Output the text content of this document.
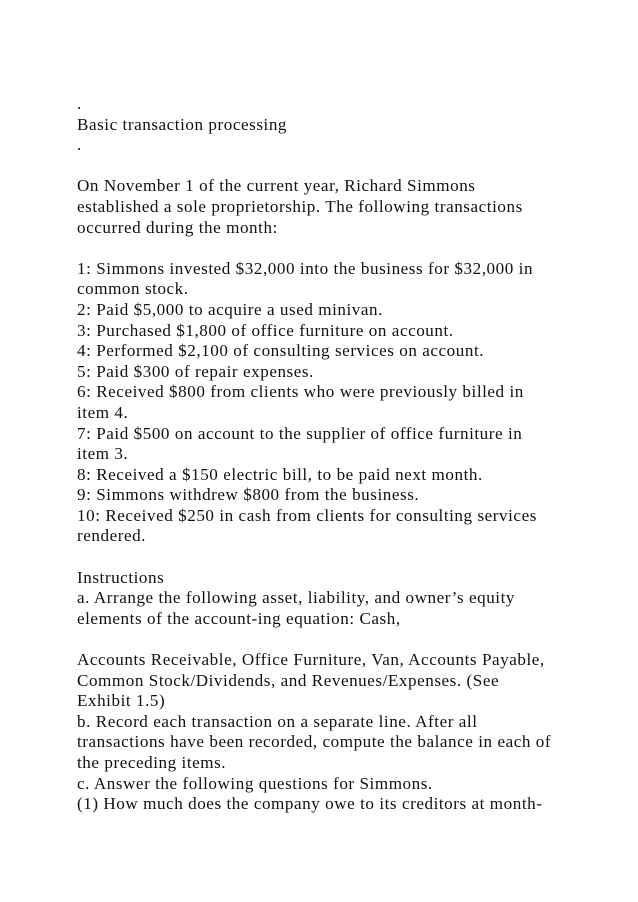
.
Basic transaction processing
.
On November 1 of the current year, Richard Simmons
established a sole proprietorship. The following transactions
occurred during the month:
1: Simmons invested $32,000 into the business for $32,000 in
common stock.
2: Paid $5,000 to acquire a used minivan.
3: Purchased $1,800 of office furniture on account.
4: Performed $2,100 of consulting services on account.
5: Paid $300 of repair expenses.
6: Received $800 from clients who were previously billed in
item 4.
7: Paid $500 on account to the supplier of office furniture in
item 3.
8: Received a $150 electric bill, to be paid next month.
9: Simmons withdrew $800 from the business.
10: Received $250 in cash from clients for consulting services
rendered.
Instructions
a. Arrange the following asset, liability, and owner’s equity
elements of the account-ing equation: Cash,
Accounts Receivable, Office Furniture, Van, Accounts Payable,
Common Stock/Dividends, and Revenues/Expenses. (See
Exhibit 1.5)
b. Record each transaction on a separate line. After all
transactions have been recorded, compute the balance in each of
the preceding items.
c. Answer the following questions for Simmons.
(1) How much does the company owe to its creditors at month-
